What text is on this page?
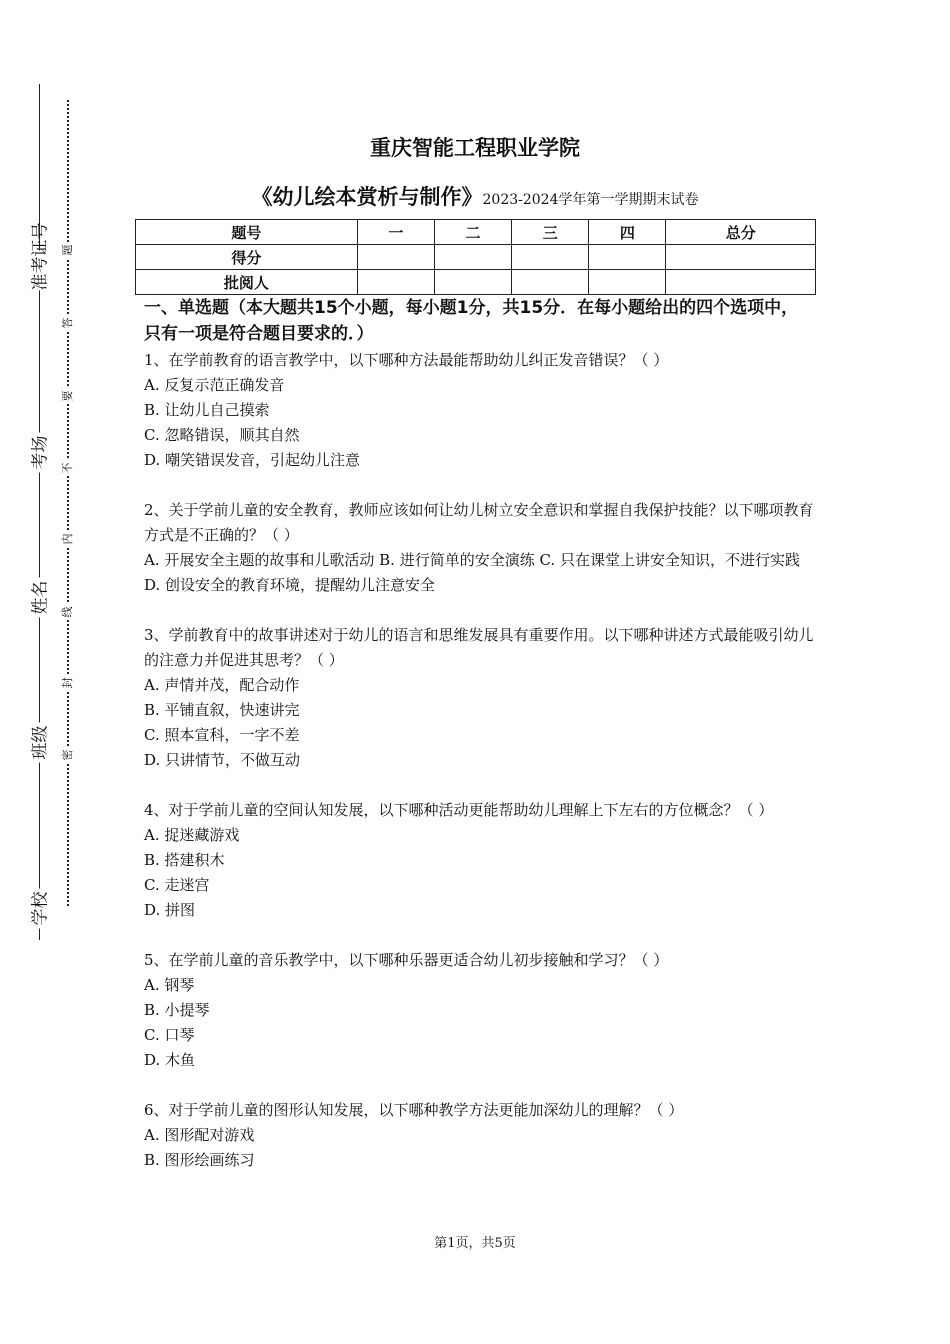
准考证号
考场
姓名
班级
学校
题
答
要
不
内
线
封
密
重庆智能工程职业学院
《幼儿绘本赏析与制作》2023-2024学年第一学期期末试卷
题号	一	二	三	四	总分
得分					
批阅人					
一、单选题（本大题共15个小题，每小题1分，共15分．在每小题给出的四个选项中，只有一项是符合题目要求的．）

1、在学前教育的语言教学中，以下哪种方法最能帮助幼儿纠正发音错误？（ ）

A. 反复示范正确发音

B. 让幼儿自己摸索

C. 忽略错误，顺其自然

D. 嘲笑错误发音，引起幼儿注意

2、关于学前儿童的安全教育，教师应该如何让幼儿树立安全意识和掌握自我保护技能？以下哪项教育方式是不正确的？（ ）

A. 开展安全主题的故事和儿歌活动 B. 进行简单的安全演练 C. 只在课堂上讲安全知识，不进行实践 D. 创设安全的教育环境，提醒幼儿注意安全

3、学前教育中的故事讲述对于幼儿的语言和思维发展具有重要作用。以下哪种讲述方式最能吸引幼儿的注意力并促进其思考？（ ）

A. 声情并茂，配合动作

B. 平铺直叙，快速讲完

C. 照本宣科，一字不差

D. 只讲情节，不做互动

4、对于学前儿童的空间认知发展，以下哪种活动更能帮助幼儿理解上下左右的方位概念？（ ）

A. 捉迷藏游戏

B. 搭建积木

C. 走迷宫

D. 拼图

5、在学前儿童的音乐教学中，以下哪种乐器更适合幼儿初步接触和学习？（ ）

A. 钢琴

B. 小提琴

C. 口琴

D. 木鱼

6、对于学前儿童的图形认知发展，以下哪种教学方法更能加深幼儿的理解？（ ）

A. 图形配对游戏

B. 图形绘画练习

第1页，共5页
